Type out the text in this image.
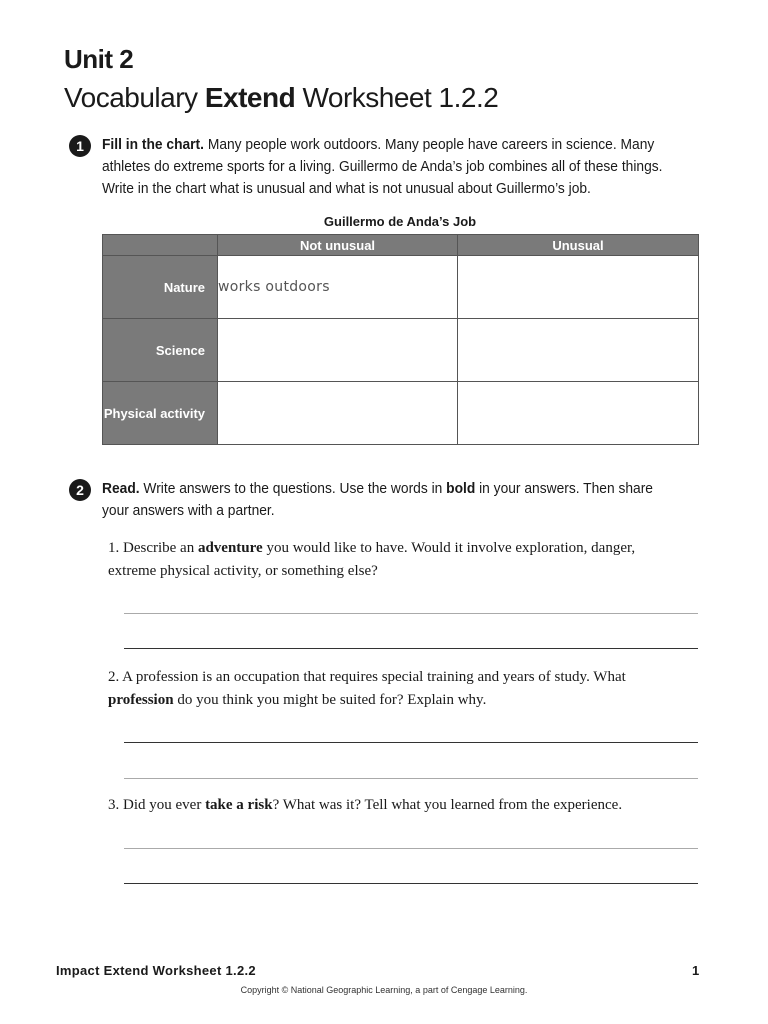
Unit 2
Vocabulary Extend Worksheet 1.2.2
1	Fill in the chart. Many people work outdoors. Many people have careers in science. Many athletes do extreme sports for a living. Guillermo de Anda’s job combines all of these things. Write in the chart what is unusual and what is not unusual about Guillermo’s job.
Guillermo de Anda’s Job
	Not unusual	Unusual
Nature	works outdoors	
Science		
Physical activity		
2	Read. Write answers to the questions. Use the words in bold in your answers. Then share your answers with a partner.
1. Describe an adventure you would like to have. Would it involve exploration, danger, extreme physical activity, or something else?
2. A profession is an occupation that requires special training and years of study. What profession do you think you might be suited for? Explain why.
3. Did you ever take a risk? What was it? Tell what you learned from the experience.
Impact Extend Worksheet 1.2.2	1
Copyright © National Geographic Learning, a part of Cengage Learning.
